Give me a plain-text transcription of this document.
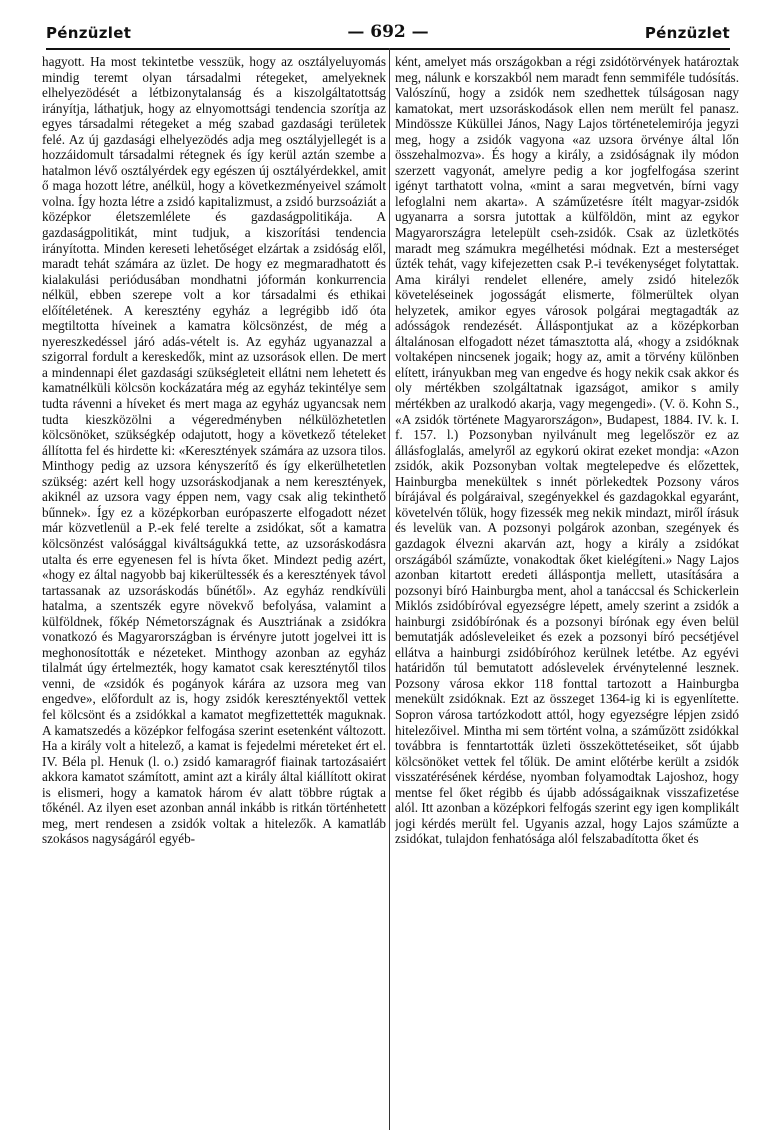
Pénzüzlet	— 692 —	Pénzüzlet

hagyott. Ha most tekintetbe vesszük, hogy az osztályeluyomás mindig teremt olyan társadalmi rétegeket, amelyeknek elhelyezödését a létbizonytalanság és a kiszolgáltatottság irányítja, láthatjuk, hogy az elnyomottsági tendencia szorítja az egyes társadalmi rétegeket a még szabad gazdasági területek felé. Az új gazdasági elhelyezödés adja meg osztályjellegét is a hozzáidomult társadalmi rétegnek és így kerül aztán szembe a hatalmon lévő osztályérdek egy egészen új osztályérdekkel, amit ő maga hozott létre, anélkül, hogy a következményeivel számolt volna. Így hozta létre a zsidó kapitalizmust, a zsidó burzsoáziát a középkor életszemlélete és gazdaságpolitikája. A gazdaságpolitikát, mint tudjuk, a kiszorítási tendencia irányította. Minden kereseti lehetőséget elzártak a zsidóság elől, maradt tehát számára az üzlet. De hogy ez megmaradhatott és kialakulási periódusában mondhatni jóformán konkurrencia nélkül, ebben szerepe volt a kor társadalmi és ethikai előítéletének. A keresztény egyház a legrégibb idő óta megtiltotta híveinek a kamatra kölcsönzést, de még a nyereszkedéssel járó adás-vételt is. Az egyház ugyanazzal a szigorral fordult a kereskedők, mint az uzsorások ellen. De mert a mindennapi élet gazdasági szükségleteit ellátni nem lehetett és kamatnélküli kölcsön kockázatára még az egyház tekintélye sem tudta rávenni a híveket és mert maga az egyház ugyancsak nem tudta kieszközölni a végeredményben nélkülözhetetlen kölcsönöket, szükségkép odajutott, hogy a következő tételeket állította fel és hirdette ki: «Keresztények számára az uzsora tilos. Minthogy pedig az uzsora kényszerítő és így elkerülhetetlen szükség: azért kell hogy uzsoráskodjanak a nem keresztények, akiknél az uzsora vagy éppen nem, vagy csak alig tekinthető bűnnek». Így ez a középkorban európaszerte elfogadott nézet már közvetlenül a P.-ek felé terelte a zsidókat, sőt a kamatra kölcsönzést valósággal kiváltságukká tette, az uzsoráskodásra utalta és erre egyenesen fel is hívta őket. Mindezt pedig azért, «hogy ez által nagyobb baj kikerültessék és a keresztények távol tartassanak az uzsoráskodás bűnétől». Az egyház rendkívüli hatalma, a szentszék egyre növekvő befolyása, valamint a külföldnek, főkép Németországnak és Ausztriának a zsidókra vonatkozó és Magyarországban is érvényre jutott jogelvei itt is meghonosították e nézeteket. Minthogy azonban az egyház tilalmát úgy értelmezték, hogy kamatot csak kereszténytől tilos venni, de «zsidók és pogányok kárára az uzsora meg van engedve», előfordult az is, hogy zsidók keresztényektől vettek fel kölcsönt és a zsidókkal a kamatot megfizettették maguknak. A kamatszedés a középkor felfogása szerint esetenként változott. Ha a király volt a hitelező, a kamat is fejedelmi méreteket ért el. IV. Béla pl. Henuk (l. o.) zsidó kamaragróf fiainak tartozásaiért akkora kamatot számított, amint azt a király által kiállított okirat is elismeri, hogy a kamatok három év alatt többre rúgtak a tőkénél. Az ilyen eset azonban annál inkább is ritkán történhetett meg, mert rendesen a zsidók voltak a hitelezők. A kamatláb szokásos nagyságáról egyéb-

ként, amelyet más országokban a régi zsidótörvények határoztak meg, nálunk e korszakból nem maradt fenn semmiféle tudósítás. Valószínű, hogy a zsidók nem szedhettek túlságosan nagy kamatokat, mert uzsoráskodások ellen nem merült fel panasz. Mindössze Küküllei János, Nagy Lajos történetelemirója jegyzi meg, hogy a zsidók vagyona «az uzsora örvénye által lőn összehalmozva». És hogy a király, a zsidóságnak ily módon szerzett vagyonát, amelyre pedig a kor jogfelfogása szerint igényt tarthatott volna, «mint a saraı megvetvén, bírni vagy lefoglalni nem akarta». A száműzetésre ítélt magyar-zsidók ugyanarra a sorsra jutottak a külföldön, mint az egykor Magyarországra letelepült cseh-zsidók. Csak az üzletkötés maradt meg számukra megélhetési módnak. Ezt a mesterséget űzték tehát, vagy kifejezetten csak P.-i tevékenységet folytattak. Ama királyi rendelet ellenére, amely zsidó hitelezők követeléseinek jogosságát elismerte, fölmerültek olyan helyzetek, amikor egyes városok polgárai megtagadták az adósságok rendezését. Álláspontjukat az a középkorban általánosan elfogadott nézet támasztotta alá, «hogy a zsidóknak voltaképen nincsenek jogaik; hogy az, amit a törvény különben elített, irányukban meg van engedve és hogy nekik csak akkor és oly mértékben szolgáltatnak igazságot, amikor s amily mértékben az uralkodó akarja, vagy megengedi». (V. ö. Kohn S., «A zsidók története Magyarországon», Budapest, 1884. IV. k. I. f. 157. l.) Pozsonyban nyilvánult meg legelőször ez az állásfoglalás, amelyről az egykorú okirat ezeket mondja: «Azon zsidók, akik Pozsonyban voltak megtelepedve és előzettek, Hainburgba menekültek s innét pörlekedtek Pozsony város bírájával és polgáraival, szegényekkel és gazdagokkal egyaránt, követelvén tőlük, hogy fizessék meg nekik mindazt, miről írásuk és levelük van. A pozsonyi polgárok azonban, szegények és gazdagok élvezni akarván azt, hogy a király a zsidókat országából száműzte, vonakodtak őket kielégíteni.» Nagy Lajos azonban kitartott eredeti álláspontja mellett, utasítására a pozsonyi bíró Hainburgba ment, ahol a tanáccsal és Schickerlein Miklós zsidóbíróval egyezségre lépett, amely szerint a zsidók a hainburgi zsidóbírónak és a pozsonyi bírónak egy éven belül bemutatják adósleveleiket és ezek a pozsonyi bíró pecsétjével ellátva a hainburgi zsidóbíróhoz kerülnek letétbe. Az egyévi határidőn túl bemutatott adóslevelek érvénytelenné lesznek. Pozsony városa ekkor 118 fonttal tartozott a Hainburgba menekült zsidóknak. Ezt az összeget 1364-ig ki is egyenlítette. Sopron városa tartózkodott attól, hogy egyezségre lépjen zsidó hitelezőivel. Mintha mi sem történt volna, a száműzött zsidókkal továbbra is fenntartották üzleti összeköttetéseiket, sőt újabb kölcsönöket vettek fel tőlük. De amint előtérbe került a zsidók visszatérésének kérdése, nyomban folyamodtak Lajoshoz, hogy mentse fel őket régibb és újabb adósságaiknak visszafizetése alól. Itt azonban a középkori felfogás szerint egy igen komplikált jogi kérdés merült fel. Ugyanis azzal, hogy Lajos száműzte a zsidókat, tulajdon fenhatósága alól felszabadította őket és
